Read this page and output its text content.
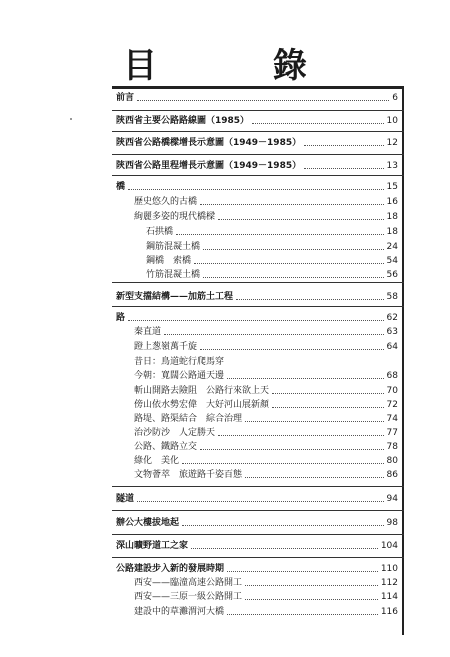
目 錄
前言	6
陝西省主要公路路線圖（1985）	10
陝西省公路橋樑增長示意圖（1949－1985）	12
陝西省公路里程增長示意圖（1949－1985）	13
橋	15
歷史悠久的古橋	16
絢麗多姿的現代橋樑	18
石拱橋	18
鋼筋混凝土橋	24
鋼橋　索橋	54
竹筋混凝土橋	56
新型支擋結構——加筋土工程	58
路	62
秦直道	63
蹬上葱嶺萬千旋	64
昔日：鳥道蛇行爬馬穿
今朝：寬闊公路通天邊	68
斬山開路去險阻　公路行來欲上天	70
傍山依水勢宏偉　大好河山展新顏	72
路堤、路渠結合　綜合治理	74
治沙防沙　人定勝天	77
公路、鐵路立交	78
綠化　美化	80
文物薈萃　旅遊路千姿百態	86
隧道	94
辦公大樓拔地起	98
深山曠野道工之家	104
公路建設步入新的發展時期	110
西安——臨潼高速公路開工	112
西安——三原一級公路開工	114
建設中的草灘渭河大橋	116
